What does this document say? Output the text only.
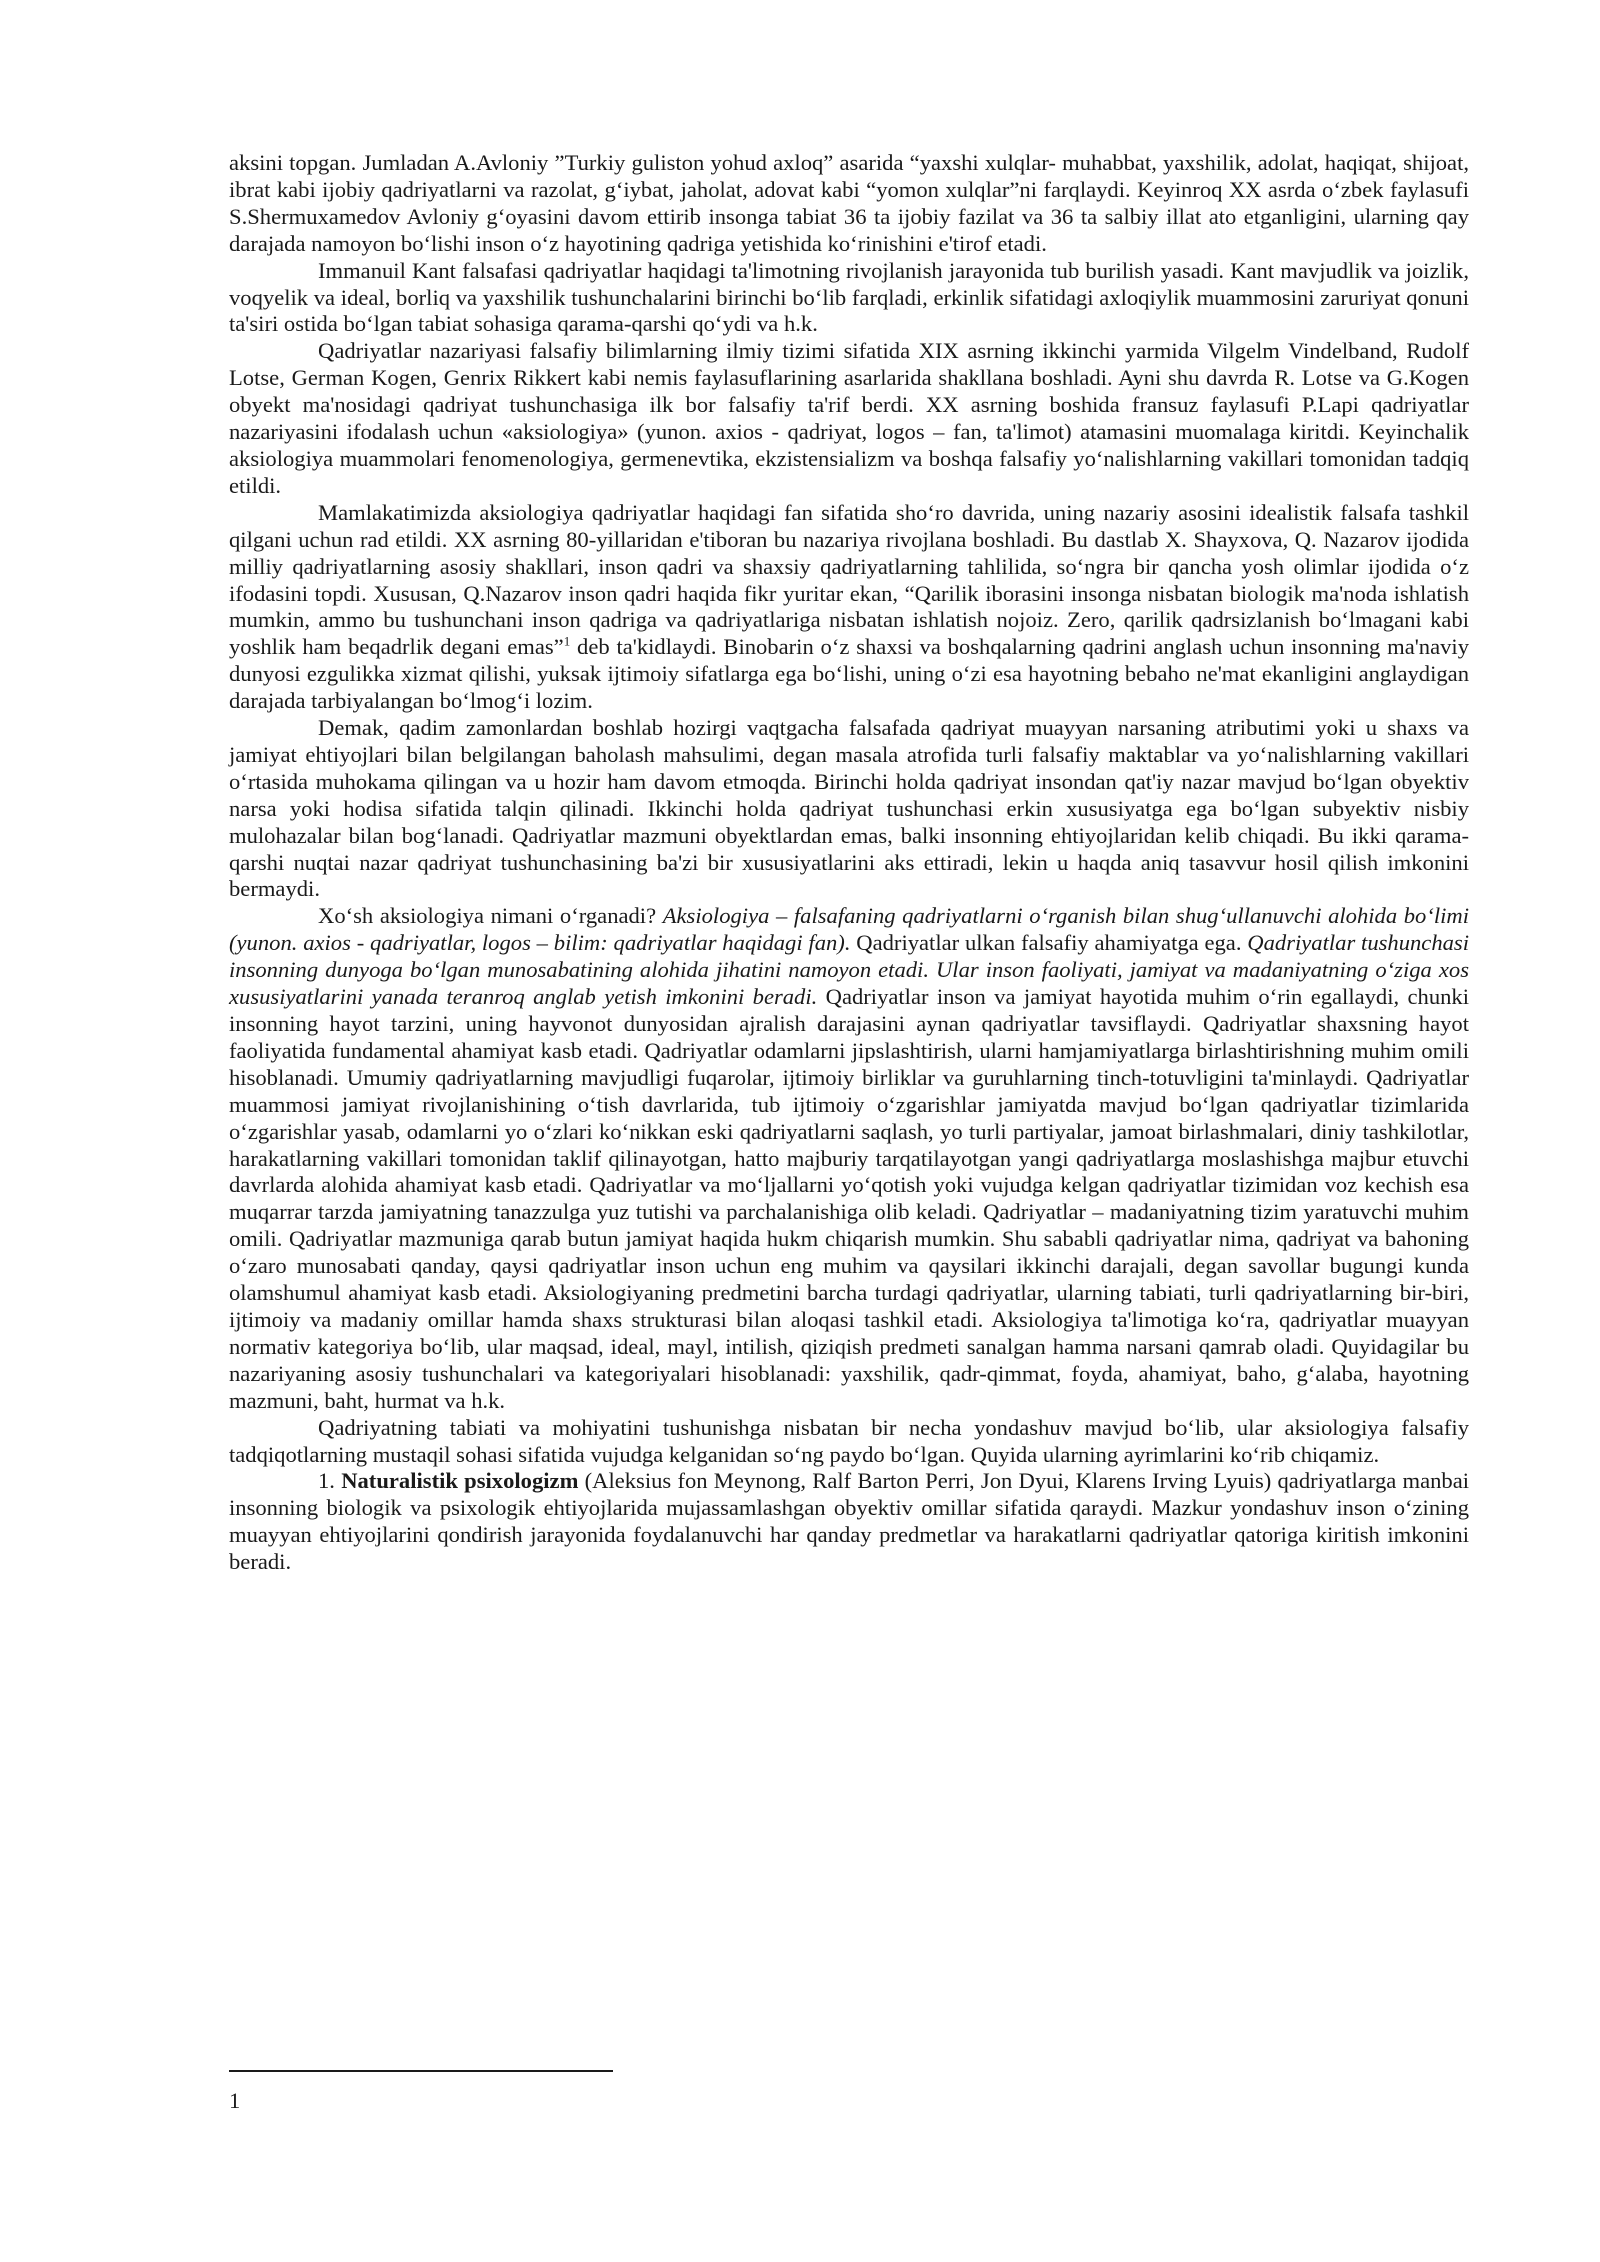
aksini topgan. Jumladan A.Avloniy ”Turkiy guliston yohud axloq” asarida “yaxshi xulqlar- muhabbat, yaxshilik, adolat, haqiqat, shijoat, ibrat kabi ijobiy qadriyatlarni va razolat, g‘iybat, jaholat, adovat kabi “yomon xulqlar”ni farqlaydi. Keyinroq XX asrda o‘zbek faylasufi S.Shermuxamedov Avloniy g‘oyasini davom ettirib insonga tabiat 36 ta ijobiy fazilat va 36 ta salbiy illat ato etganligini, ularning qay darajada namoyon bo‘lishi inson o‘z hayotining qadriga yetishida ko‘rinishini e'tirof etadi.

Immanuil Kant falsafasi qadriyatlar haqidagi ta'limotning rivojlanish jarayonida tub burilish yasadi. Kant mavjudlik va joizlik, voqyelik va ideal, borliq va yaxshilik tushunchalarini birinchi bo‘lib farqladi, erkinlik sifatidagi axloqiylik muammosini zaruriyat qonuni ta'siri ostida bo‘lgan tabiat sohasiga qarama-qarshi qo‘ydi va h.k.

Qadriyatlar nazariyasi falsafiy bilimlarning ilmiy tizimi sifatida XIX asrning ikkinchi yarmida Vilgelm Vindelband, Rudolf Lotse, German Kogen, Genrix Rikkert kabi nemis faylasuflarining asarlarida shakllana boshladi. Ayni shu davrda R. Lotse va G.Kogen obyekt ma'nosidagi qadriyat tushunchasiga ilk bor falsafiy ta'rif berdi. XX asrning boshida fransuz faylasufi P.Lapi qadriyatlar nazariyasini ifodalash uchun «aksiologiya» (yunon. axios - qadriyat, logos – fan, ta'limot) atamasini muomalaga kiritdi. Keyinchalik aksiologiya muammolari fenomenologiya, germenevtika, ekzistensializm va boshqa falsafiy yo‘nalishlarning vakillari tomonidan tadqiq etildi.

Mamlakatimizda aksiologiya qadriyatlar haqidagi fan sifatida sho‘ro davrida, uning nazariy asosini idealistik falsafa tashkil qilgani uchun rad etildi. XX asrning 80-yillaridan e'tiboran bu nazariya rivojlana boshladi. Bu dastlab X. Shayxova, Q. Nazarov ijodida milliy qadriyatlarning asosiy shakllari, inson qadri va shaxsiy qadriyatlarning tahlilida, so‘ngra bir qancha yosh olimlar ijodida o‘z ifodasini topdi. Xususan, Q.Nazarov inson qadri haqida fikr yuritar ekan, “Qarilik iborasini insonga nisbatan biologik ma'noda ishlatish mumkin, ammo bu tushunchani inson qadriga va qadriyatlariga nisbatan ishlatish nojoiz. Zero, qarilik qadrsizlanish bo‘lmagani kabi yoshlik ham beqadrlik degani emas”$^1$ deb ta'kidlaydi. Binobarin o‘z shaxsi va boshqalarning qadrini anglash uchun insonning ma'naviy dunyosi ezgulikka xizmat qilishi, yuksak ijtimoiy sifatlarga ega bo‘lishi, uning o‘zi esa hayotning bebaho ne'mat ekanligini anglaydigan darajada tarbiyalangan bo‘lmog‘i lozim.

Demak, qadim zamonlardan boshlab hozirgi vaqtgacha falsafada qadriyat muayyan narsaning atributimi yoki u shaxs va jamiyat ehtiyojlari bilan belgilangan baholash mahsulimi, degan masala atrofida turli falsafiy maktablar va yo‘nalishlarning vakillari o‘rtasida muhokama qilingan va u hozir ham davom etmoqda. Birinchi holda qadriyat insondan qat'iy nazar mavjud bo‘lgan obyektiv narsa yoki hodisa sifatida talqin qilinadi. Ikkinchi holda qadriyat tushunchasi erkin xususiyatga ega bo‘lgan subyektiv nisbiy mulohazalar bilan bog‘lanadi. Qadriyatlar mazmuni obyektlardan emas, balki insonning ehtiyojlaridan kelib chiqadi. Bu ikki qarama-qarshi nuqtai nazar qadriyat tushunchasining ba'zi bir xususiyatlarini aks ettiradi, lekin u haqda aniq tasavvur hosil qilish imkonini bermaydi.

Xo‘sh aksiologiya nimani o‘rganadi? Aksiologiya – falsafaning qadriyatlarni o‘rganish bilan shug‘ullanuvchi alohida bo‘limi (yunon. axios - qadriyatlar, logos – bilim: qadriyatlar haqidagi fan). Qadriyatlar ulkan falsafiy ahamiyatga ega. Qadriyatlar tushunchasi insonning dunyoga bo‘lgan munosabatining alohida jihatini namoyon etadi. Ular inson faoliyati, jamiyat va madaniyatning o‘ziga xos xususiyatlarini yanada teranroq anglab yetish imkonini beradi. Qadriyatlar inson va jamiyat hayotida muhim o‘rin egallaydi, chunki insonning hayot tarzini, uning hayvonot dunyosidan ajralish darajasini aynan qadriyatlar tavsiflaydi. Qadriyatlar shaxsning hayot faoliyatida fundamental ahamiyat kasb etadi. Qadriyatlar odamlarni jipslashtirish, ularni hamjamiyatlarga birlashtirishning muhim omili hisoblanadi. Umumiy qadriyatlarning mavjudligi fuqarolar, ijtimoiy birliklar va guruhlarning tinch-totuvligini ta'minlaydi. Qadriyatlar muammosi jamiyat rivojlanishining o‘tish davrlarida, tub ijtimoiy o‘zgarishlar jamiyatda mavjud bo‘lgan qadriyatlar tizimlarida o‘zgarishlar yasab, odamlarni yo o‘zlari ko‘nikkan eski qadriyatlarni saqlash, yo turli partiyalar, jamoat birlashmalari, diniy tashkilotlar, harakatlarning vakillari tomonidan taklif qilinayotgan, hatto majburiy tarqatilayotgan yangi qadriyatlarga moslashishga majbur etuvchi davrlarda alohida ahamiyat kasb etadi. Qadriyatlar va mo‘ljallarni yo‘qotish yoki vujudga kelgan qadriyatlar tizimidan voz kechish esa muqarrar tarzda jamiyatning tanazzulga yuz tutishi va parchalanishiga olib keladi. Qadriyatlar – madaniyatning tizim yaratuvchi muhim omili. Qadriyatlar mazmuniga qarab butun jamiyat haqida hukm chiqarish mumkin. Shu sababli qadriyatlar nima, qadriyat va bahoning o‘zaro munosabati qanday, qaysi qadriyatlar inson uchun eng muhim va qaysilari ikkinchi darajali, degan savollar bugungi kunda olamshumul ahamiyat kasb etadi. Aksiologiyaning predmetini barcha turdagi qadriyatlar, ularning tabiati, turli qadriyatlarning bir-biri, ijtimoiy va madaniy omillar hamda shaxs strukturasi bilan aloqasi tashkil etadi. Aksiologiya ta'limotiga ko‘ra, qadriyatlar muayyan normativ kategoriya bo‘lib, ular maqsad, ideal, mayl, intilish, qiziqish predmeti sanalgan hamma narsani qamrab oladi. Quyidagilar bu nazariyaning asosiy tushunchalari va kategoriyalari hisoblanadi: yaxshilik, qadr-qimmat, foyda, ahamiyat, baho, g‘alaba, hayotning mazmuni, baht, hurmat va h.k.

Qadriyatning tabiati va mohiyatini tushunishga nisbatan bir necha yondashuv mavjud bo‘lib, ular aksiologiya falsafiy tadqiqotlarning mustaqil sohasi sifatida vujudga kelganidan so‘ng paydo bo‘lgan. Quyida ularning ayrimlarini ko‘rib chiqamiz.

1. Naturalistik psixologizm (Aleksius fon Meynong, Ralf Barton Perri, Jon Dyui, Klarens Irving Lyuis) qadriyatlarga manbai insonning biologik va psixologik ehtiyojlarida mujassamlashgan obyektiv omillar sifatida qaraydi. Mazkur yondashuv inson o‘zining muayyan ehtiyojlarini qondirish jarayonida foydalanuvchi har qanday predmetlar va harakatlarni qadriyatlar qatoriga kiritish imkonini beradi.

1
